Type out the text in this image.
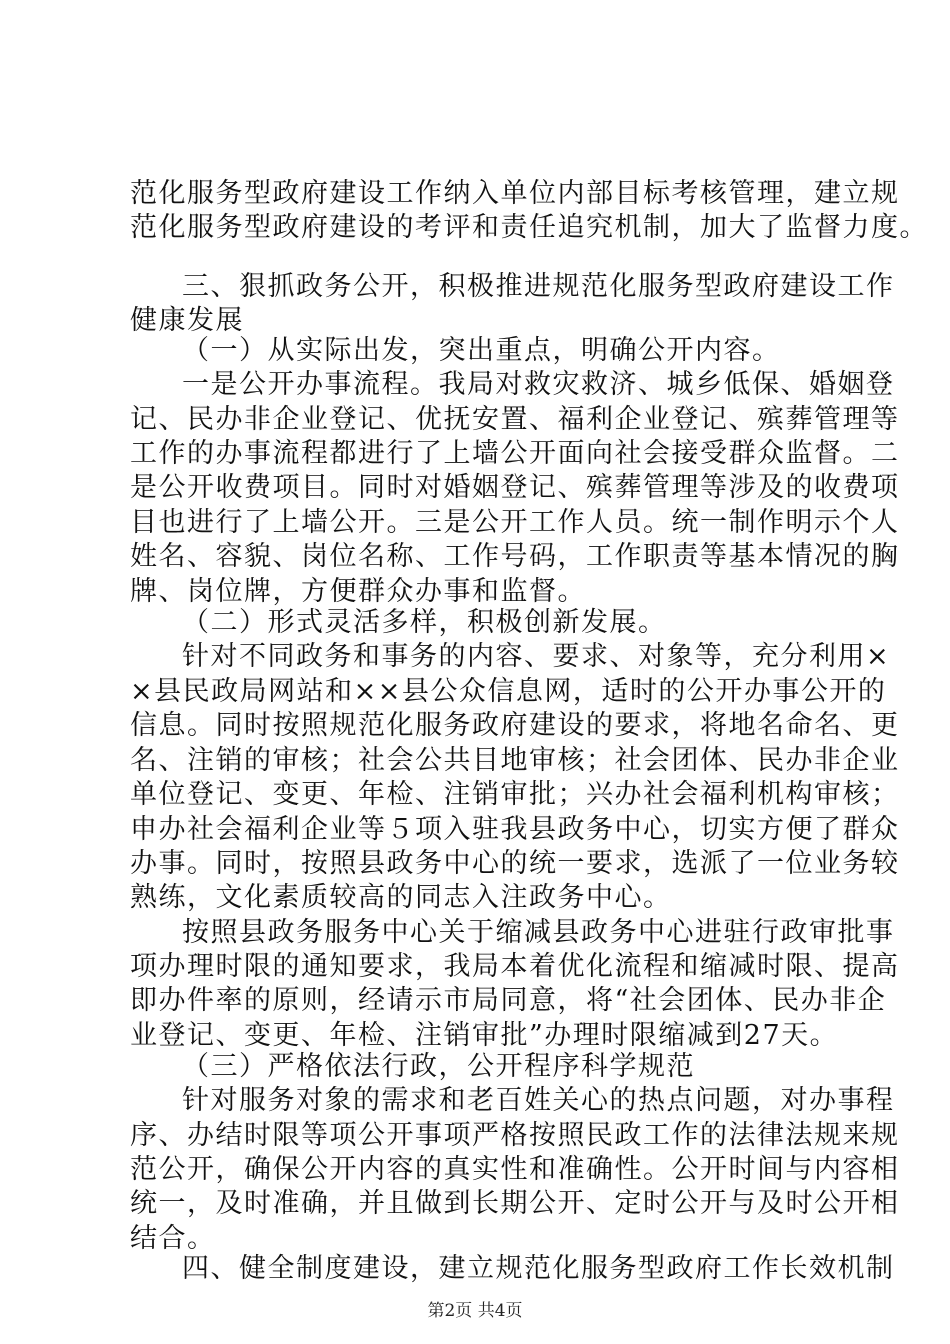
范化服务型政府建设工作纳入单位内部目标考核管理，建立规
范化服务型政府建设的考评和责任追究机制，加大了监督力度。
三、狠抓政务公开，积极推进规范化服务型政府建设工作
健康发展
（一）从实际出发，突出重点，明确公开内容。
一是公开办事流程。我局对救灾救济、城乡低保、婚姻登
记、民办非企业登记、优抚安置、福利企业登记、殡葬管理等
工作的办事流程都进行了上墙公开面向社会接受群众监督。二
是公开收费项目。同时对婚姻登记、殡葬管理等涉及的收费项
目也进行了上墙公开。三是公开工作人员。统一制作明示个人
姓名、容貌、岗位名称、工作号码，工作职责等基本情况的胸
牌、岗位牌，方便群众办事和监督。
（二）形式灵活多样，积极创新发展。
针对不同政务和事务的内容、要求、对象等，充分利用×
×县民政局网站和××县公众信息网，适时的公开办事公开的
信息。同时按照规范化服务政府建设的要求，将地名命名、更
名、注销的审核；社会公共目地审核；社会团体、民办非企业
单位登记、变更、年检、注销审批；兴办社会福利机构审核；
申办社会福利企业等５项入驻我县政务中心，切实方便了群众
办事。同时，按照县政务中心的统一要求，选派了一位业务较
熟练，文化素质较高的同志入注政务中心。
按照县政务服务中心关于缩减县政务中心进驻行政审批事
项办理时限的通知要求，我局本着优化流程和缩减时限、提高
即办件率的原则，经请示市局同意，将“社会团体、民办非企
业登记、变更、年检、注销审批”办理时限缩减到27天。
（三）严格依法行政，公开程序科学规范
针对服务对象的需求和老百姓关心的热点问题，对办事程
序、办结时限等项公开事项严格按照民政工作的法律法规来规
范公开，确保公开内容的真实性和准确性。公开时间与内容相
统一，及时准确，并且做到长期公开、定时公开与及时公开相
结合。
四、健全制度建设，建立规范化服务型政府工作长效机制
第2页 共4页
